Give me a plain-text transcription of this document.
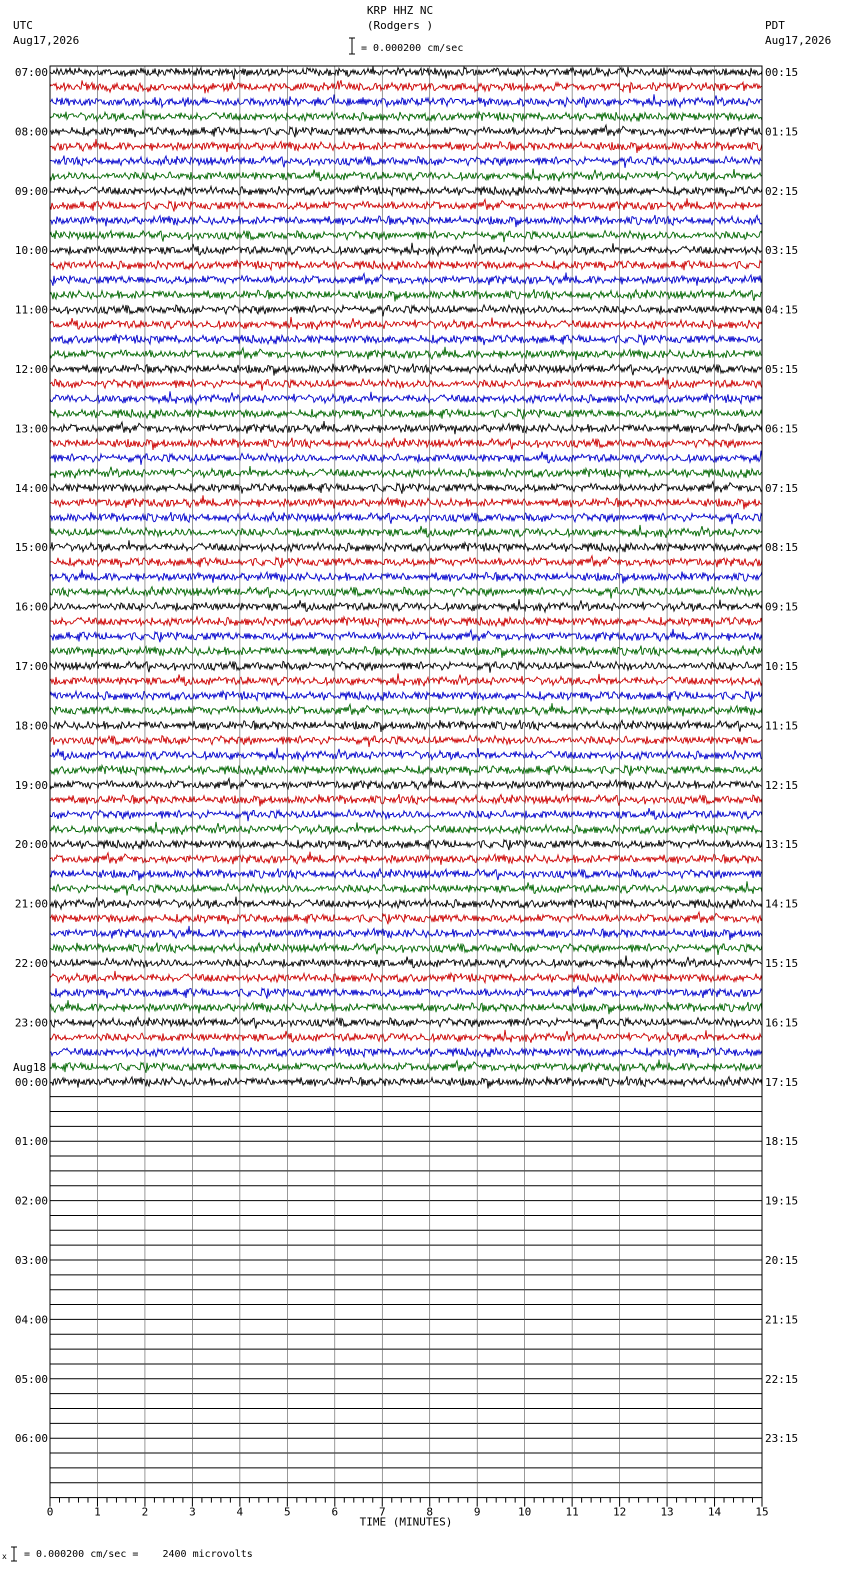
KRP HHZ NC
(Rodgers )
UTC
Aug17,2026
PDT
Aug17,2026
= 0.000200 cm/sec
0	1	2	3	4	5	6	7	8	9	10	11	12	13	14	15
TIME (MINUTES)
07:00
08:00
09:00
10:00
11:00
12:00
13:00
14:00
15:00
16:00
17:00
18:00
19:00
20:00
21:00
22:00
23:00
00:00
01:00
02:00
03:00
04:00
05:00
06:00
00:15
01:15
02:15
03:15
04:15
05:15
06:15
07:15
08:15
09:15
10:15
11:15
12:15
13:15
14:15
15:15
16:15
17:15
18:15
19:15
20:15
21:15
22:15
23:15
Aug18
x = 0.000200 cm/sec =    2400 microvolts
